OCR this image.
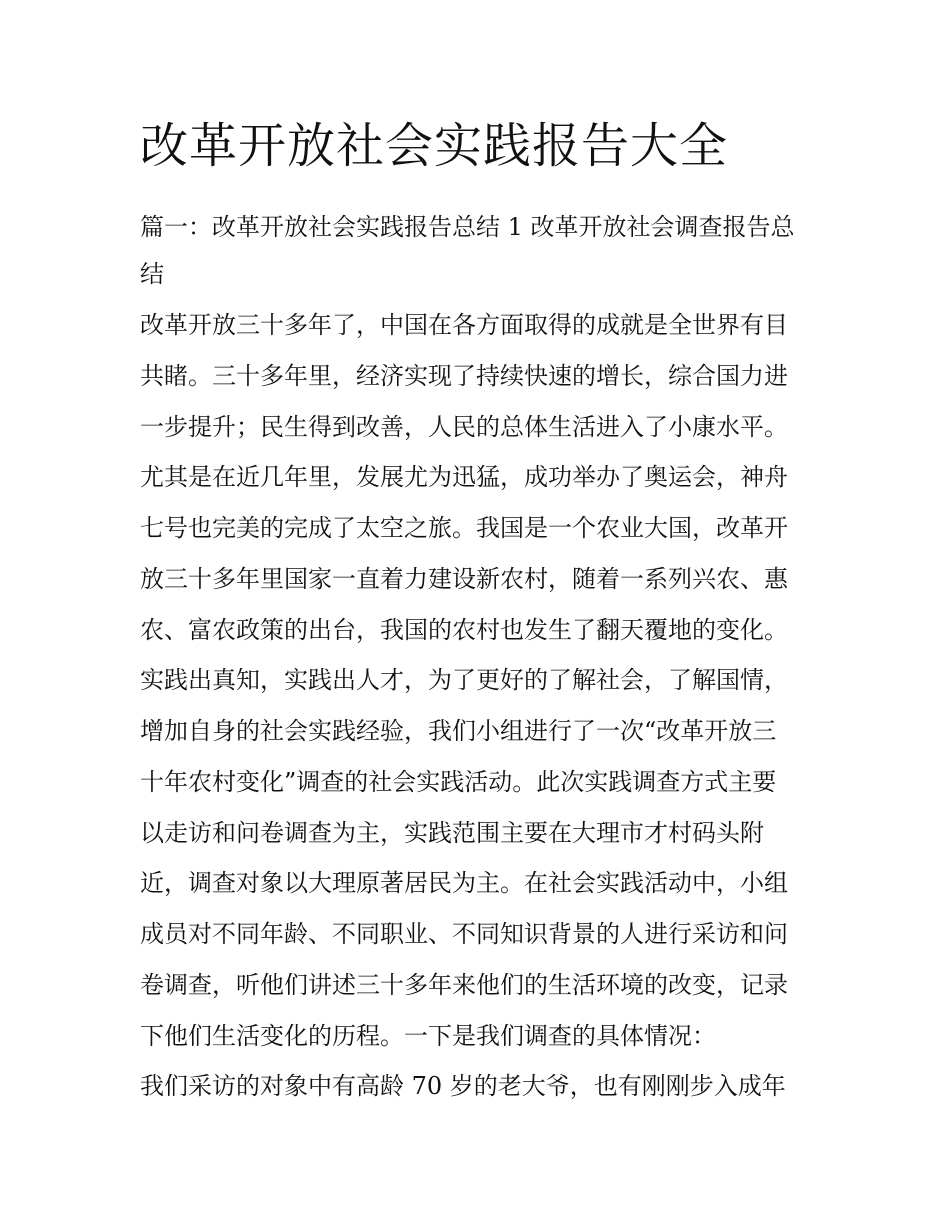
改革开放社会实践报告大全
篇一：改革开放社会实践报告总结 1 改革开放社会调查报告总
结
改革开放三十多年了，中国在各方面取得的成就是全世界有目
共睹。三十多年里，经济实现了持续快速的增长，综合国力进
一步提升；民生得到改善，人民的总体生活进入了小康水平。
尤其是在近几年里，发展尤为迅猛，成功举办了奥运会，神舟
七号也完美的完成了太空之旅。我国是一个农业大国，改革开
放三十多年里国家一直着力建设新农村，随着一系列兴农、惠
农、富农政策的出台，我国的农村也发生了翻天覆地的变化。
实践出真知，实践出人才，为了更好的了解社会，了解国情，
增加自身的社会实践经验，我们小组进行了一次“改革开放三
十年农村变化”调查的社会实践活动。此次实践调查方式主要
以走访和问卷调查为主，实践范围主要在大理市才村码头附
近，调查对象以大理原著居民为主。在社会实践活动中，小组
成员对不同年龄、不同职业、不同知识背景的人进行采访和问
卷调查，听他们讲述三十多年来他们的生活环境的改变，记录
下他们生活变化的历程。一下是我们调查的具体情况：
我们采访的对象中有高龄 70 岁的老大爷，也有刚刚步入成年
